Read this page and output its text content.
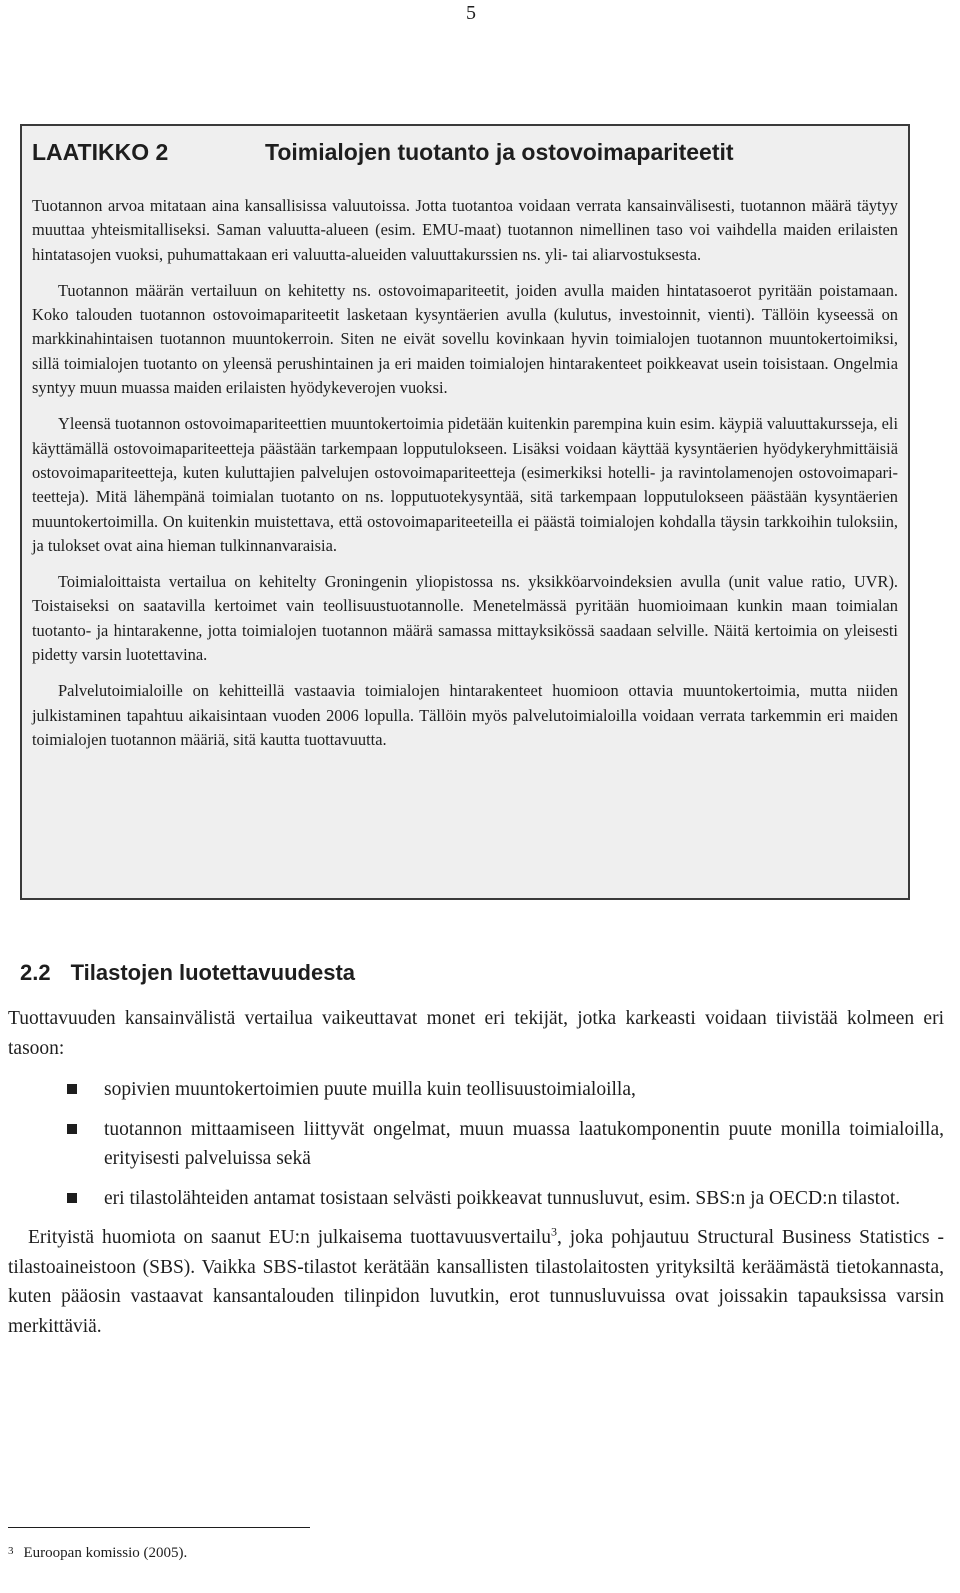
5
LAATIKKO 2	Toimialojen tuotanto ja ostovoimapariteetit

Tuotannon arvoa mitataan aina kansallisissa valuutoissa. Jotta tuotantoa voidaan verrata kansainvälisesti, tuotannon määrä täytyy muuttaa yhteismitalliseksi. Saman valuutta-alueen (esim. EMU-maat) tuotannon nimellinen taso voi vaihdella maiden erilaisten hintatasojen vuoksi, puhumattakaan eri valuutta-alueiden valuuttakurssien ns. yli- tai aliarvostuksesta.

Tuotannon määrän vertailuun on kehitetty ns. ostovoimapariteetit, joiden avulla maiden hintatasoerot pyritään poistamaan. Koko talouden tuotannon ostovoimapariteetit lasketaan kysyntäerien avulla (kulutus, investoinnit, vienti). Tällöin kyseessä on markkinahintaisen tuotannon muuntokerroin. Siten ne eivät sovellu kovinkaan hyvin toimialojen tuotannon muuntokertoimiksi, sillä toimialojen tuotanto on yleensä perushintainen ja eri maiden toimialojen hintarakenteet poikkeavat usein toisistaan. Ongelmia syntyy muun muassa maiden erilaisten hyödykeverojen vuoksi.

Yleensä tuotannon ostovoimapariteettien muuntokertoimia pidetään kuitenkin parempina kuin esim. käypiä valuuttakursseja, eli käyttämällä ostovoimapariteetteja päästään tarkempaan lopputulokseen. Lisäksi voidaan käyttää kysyntäerien hyödykeryhmittäisiä ostovoimapariteetteja, kuten kuluttajien palvelujen ostovoimapariteetteja (esimerkiksi hotelli- ja ravintolamenojen ostovoimapariteetteja). Mitä lähempänä toimialan tuotanto on ns. lopputuotekysyntää, sitä tarkempaan lopputulokseen päästään kysyntäerien muuntokertoimilla. On kuitenkin muistettava, että ostovoimapariteeteilla ei päästä toimialojen kohdalla täysin tarkkoihin tuloksiin, ja tulokset ovat aina hieman tulkinnanvaraisia.

Toimialoittaista vertailua on kehitelty Groningenin yliopistossa ns. yksikköarvoindeksien avulla (unit value ratio, UVR). Toistaiseksi on saatavilla kertoimet vain teollisuustuotannolle. Menetelmässä pyritään huomioimaan kunkin maan toimialan tuotanto- ja hintarakenne, jotta toimialojen tuotannon määrä samassa mittayksikössä saadaan selville. Näitä kertoimia on yleisesti pidetty varsin luotettavina.

Palvelutoimialoille on kehitteillä vastaavia toimialojen hintarakenteet huomioon ottavia muuntokertoimia, mutta niiden julkistaminen tapahtuu aikaisintaan vuoden 2006 lopulla. Tällöin myös palvelutoimialoilla voidaan verrata tarkemmin eri maiden toimialojen tuotannon määriä, sitä kautta tuottavuutta.

2.2 Tilastojen luotettavuudesta

Tuottavuuden kansainvälistä vertailua vaikeuttavat monet eri tekijät, jotka karkeasti voidaan tiivistää kolmeen eri tasoon:

sopivien muuntokertoimien puute muilla kuin teollisuustoimialoilla,
tuotannon mittaamiseen liittyvät ongelmat, muun muassa laatukomponentin puute monilla toimialoilla, erityisesti palveluissa sekä
eri tilastolähteiden antamat tosistaan selvästi poikkeavat tunnusluvut, esim. SBS:n ja OECD:n tilastot.

Erityistä huomiota on saanut EU:n julkaisema tuottavuusvertailu$^3$, joka pohjautuu Structural Business Statistics -tilastoaineistoon (SBS). Vaikka SBS-tilastot kerätään kansallisten tilastolaitosten yrityksiltä keräämästä tietokannasta, kuten pääosin vastaavat kansantalouden tilinpidon luvutkin, erot tunnusluvuissa ovat joissakin tapauksissa varsin merkittäviä.

$^3$ Euroopan komissio (2005).
